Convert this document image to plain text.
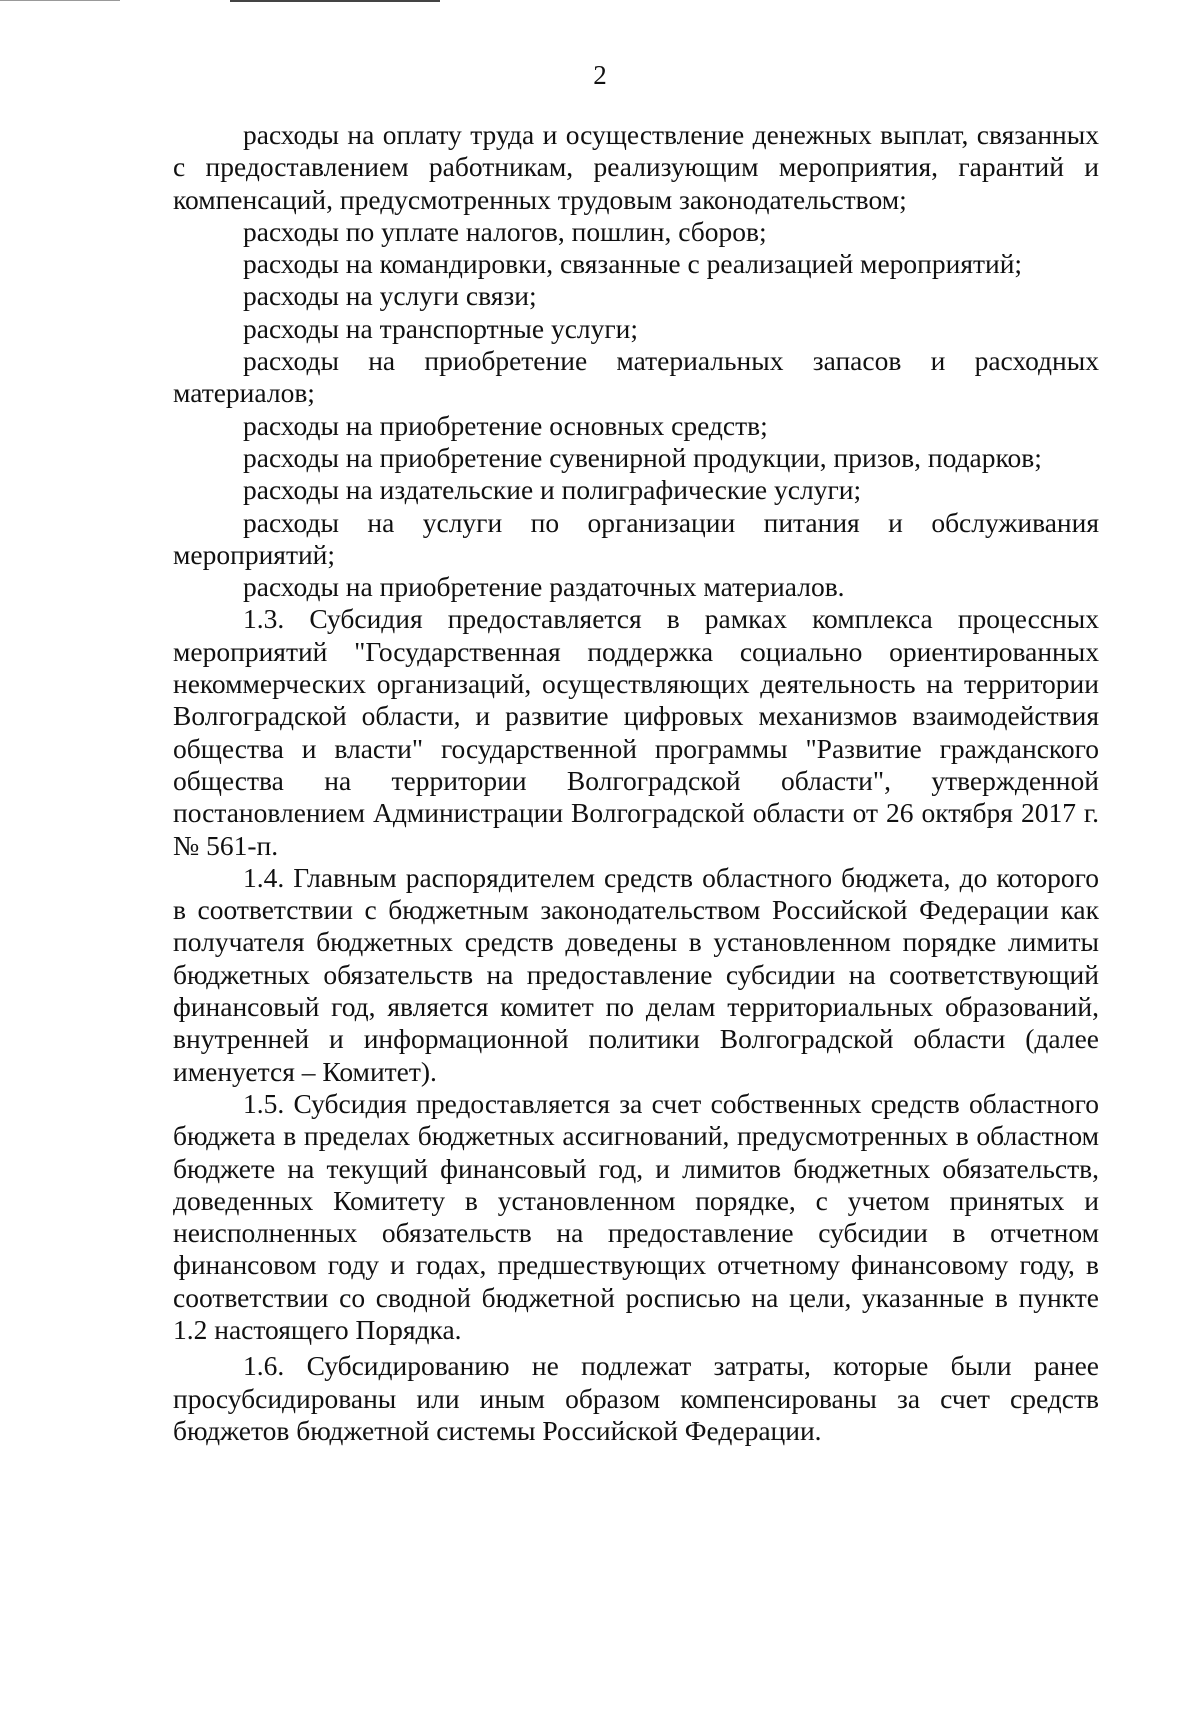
2

расходы на оплату труда и осуществление денежных выплат, связанных с предоставлением работникам, реализующим мероприятия, гарантий и компенсаций, предусмотренных трудовым законодательством;

расходы по уплате налогов, пошлин, сборов;

расходы на командировки, связанные с реализацией мероприятий;

расходы на услуги связи;

расходы на транспортные услуги;

расходы на приобретение материальных запасов и расходных материалов;

расходы на приобретение основных средств;

расходы на приобретение сувенирной продукции, призов, подарков;

расходы на издательские и полиграфические услуги;

расходы на услуги по организации питания и обслуживания мероприятий;

расходы на приобретение раздаточных материалов.

1.3. Субсидия предоставляется в рамках комплекса процессных мероприятий "Государственная поддержка социально ориентированных некоммерческих организаций, осуществляющих деятельность на территории Волгоградской области, и развитие цифровых механизмов взаимодействия общества и власти" государственной программы "Развитие гражданского общества на территории Волгоградской области", утвержденной постановлением Администрации Волгоградской области от 26 октября 2017 г. № 561-п.

1.4. Главным распорядителем средств областного бюджета, до которого в соответствии с бюджетным законодательством Российской Федерации как получателя бюджетных средств доведены в установленном порядке лимиты бюджетных обязательств на предоставление субсидии на соответствующий финансовый год, является комитет по делам территориальных образований, внутренней и информационной политики Волгоградской области (далее именуется – Комитет).

1.5. Субсидия предоставляется за счет собственных средств областного бюджета в пределах бюджетных ассигнований, предусмотренных в областном бюджете на текущий финансовый год, и лимитов бюджетных обязательств, доведенных Комитету в установленном порядке, с учетом принятых и неисполненных обязательств на предоставление субсидии в отчетном финансовом году и годах, предшествующих отчетному финансовому году, в соответствии со сводной бюджетной росписью на цели, указанные в пункте 1.2 настоящего Порядка.

1.6. Субсидированию не подлежат затраты, которые были ранее просубсидированы или иным образом компенсированы за счет средств бюджетов бюджетной системы Российской Федерации.
